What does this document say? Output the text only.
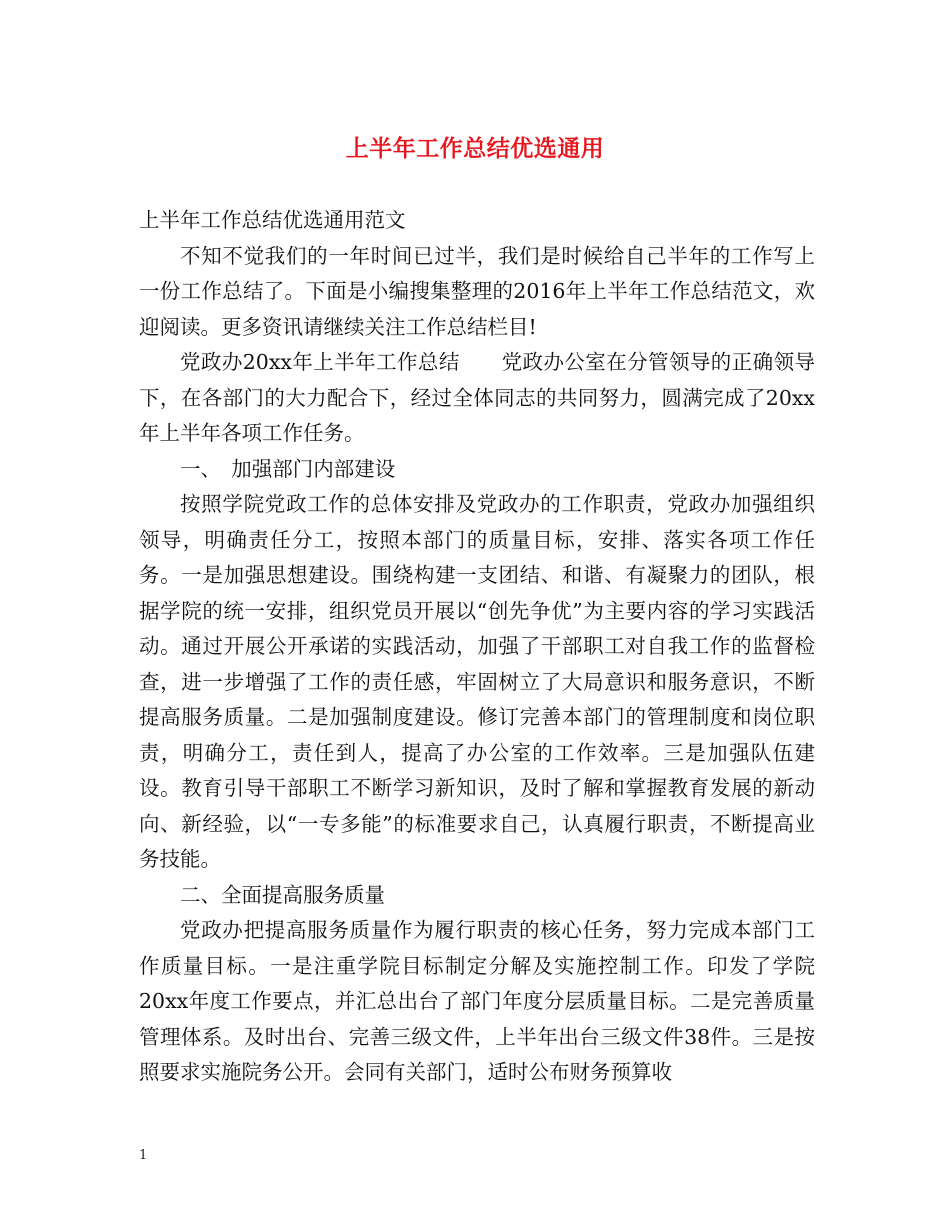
上半年工作总结优选通用

上半年工作总结优选通用范文

不知不觉我们的一年时间已过半，我们是时候给自己半年的工作写上一份工作总结了。下面是小编搜集整理的2016年上半年工作总结范文，欢迎阅读。更多资讯请继续关注工作总结栏目!

党政办20xx年上半年工作总结　　党政办公室在分管领导的正确领导下，在各部门的大力配合下，经过全体同志的共同努力，圆满完成了20xx年上半年各项工作任务。

一、　加强部门内部建设

按照学院党政工作的总体安排及党政办的工作职责，党政办加强组织领导，明确责任分工，按照本部门的质量目标，安排、落实各项工作任务。一是加强思想建设。围绕构建一支团结、和谐、有凝聚力的团队，根据学院的统一安排，组织党员开展以“创先争优”为主要内容的学习实践活动。通过开展公开承诺的实践活动，加强了干部职工对自我工作的监督检查，进一步增强了工作的责任感，牢固树立了大局意识和服务意识，不断提高服务质量。二是加强制度建设。修订完善本部门的管理制度和岗位职责，明确分工，责任到人，提高了办公室的工作效率。三是加强队伍建设。教育引导干部职工不断学习新知识，及时了解和掌握教育发展的新动向、新经验，以“一专多能”的标准要求自己，认真履行职责，不断提高业务技能。

二、全面提高服务质量

党政办把提高服务质量作为履行职责的核心任务，努力完成本部门工作质量目标。一是注重学院目标制定分解及实施控制工作。印发了学院20xx年度工作要点，并汇总出台了部门年度分层质量目标。二是完善质量管理体系。及时出台、完善三级文件，上半年出台三级文件38件。三是按照要求实施院务公开。会同有关部门，适时公布财务预算收

1
